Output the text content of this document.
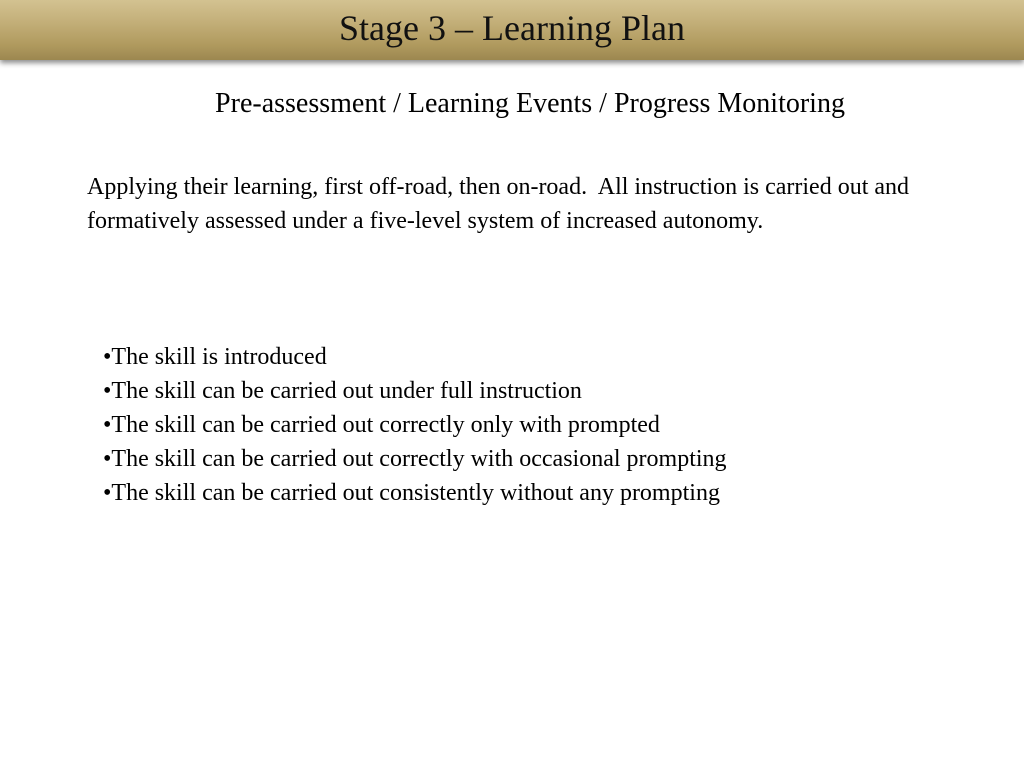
Stage 3 – Learning Plan
Pre-assessment / Learning Events / Progress Monitoring

Applying their learning, first off-road, then on-road.  All instruction is carried out and formatively assessed under a five-level system of increased autonomy.

•The skill is introduced
•The skill can be carried out under full instruction
•The skill can be carried out correctly only with prompted
•The skill can be carried out correctly with occasional prompting
•The skill can be carried out consistently without any prompting
